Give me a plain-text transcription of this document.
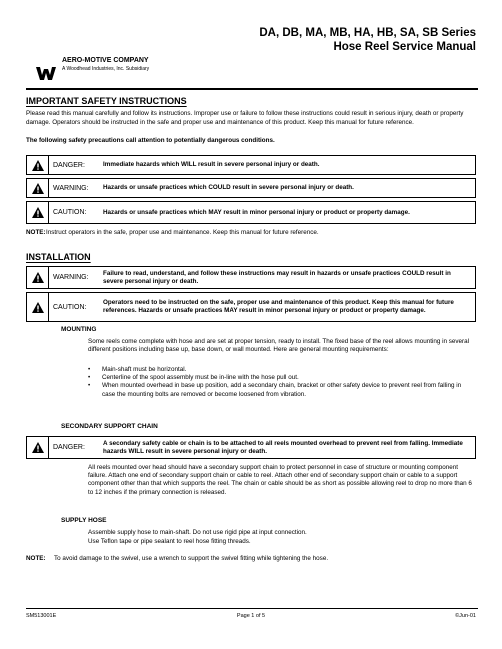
DA, DB, MA, MB, HA, HB, SA, SB Series
Hose Reel Service Manual
AERO-MOTIVE COMPANY
A Woodhead Industries, Inc. Subsidiary
IMPORTANT SAFETY INSTRUCTIONS
Please read this manual carefully and follow its instructions. Improper use or failure to follow these instructions could result in serious injury, death or property damage. Operators should be instructed in the safe and proper use and maintenance of this product. Keep this manual for future reference.
The following safety precautions call attention to potentially dangerous conditions.
DANGER:	Immediate hazards which WILL result in severe personal injury or death.
WARNING:	Hazards or unsafe practices which COULD result in severe personal injury or death.
CAUTION:	Hazards or unsafe practices which MAY result in minor personal injury or product or property damage.
NOTE: Instruct operators in the safe, proper use and maintenance. Keep this manual for future reference.
INSTALLATION
WARNING:
Failure to read, understand, and follow these instructions may result in hazards or unsafe practices COULD result in severe personal injury or death.
CAUTION:
Operators need to be instructed on the safe, proper use and maintenance of this product. Keep this manual for future references. Hazards or unsafe practices MAY result in minor personal injury or product or property damage.
MOUNTING
Some reels come complete with hose and are set at proper tension, ready to install. The fixed base of the reel allows mounting in several different positions including base up, base down, or wall mounted. Here are general mounting requirements:
•	Main-shaft must be horizontal.
•	Centerline of the spool assembly must be in-line with the hose pull out.
•	When mounted overhead in base up position, add a secondary chain, bracket or other safety device to prevent reel from falling in case the mounting bolts are removed or become loosened from vibration.
SECONDARY SUPPORT CHAIN
DANGER:
A secondary safety cable or chain is to be attached to all reels mounted overhead to prevent reel from falling. Immediate hazards WILL result in severe personal injury or death.
All reels mounted over head should have a secondary support chain to protect personnel in case of structure or mounting component failure. Attach one end of secondary support chain or cable to reel. Attach other end of secondary support chain or cable to a support component other than that which supports the reel. The chain or cable should be as short as possible allowing reel to drop no more than 6 to 12 inches if the primary connection is released.
SUPPLY HOSE
Assemble supply hose to main-shaft. Do not use rigid pipe at input connection.
Use Teflon tape or pipe sealant to reel hose fitting threads.
NOTE:	To avoid damage to the swivel, use a wrench to support the swivel fitting while tightening the hose.
SM513001E	Page 1 of 5	©Jun-01
